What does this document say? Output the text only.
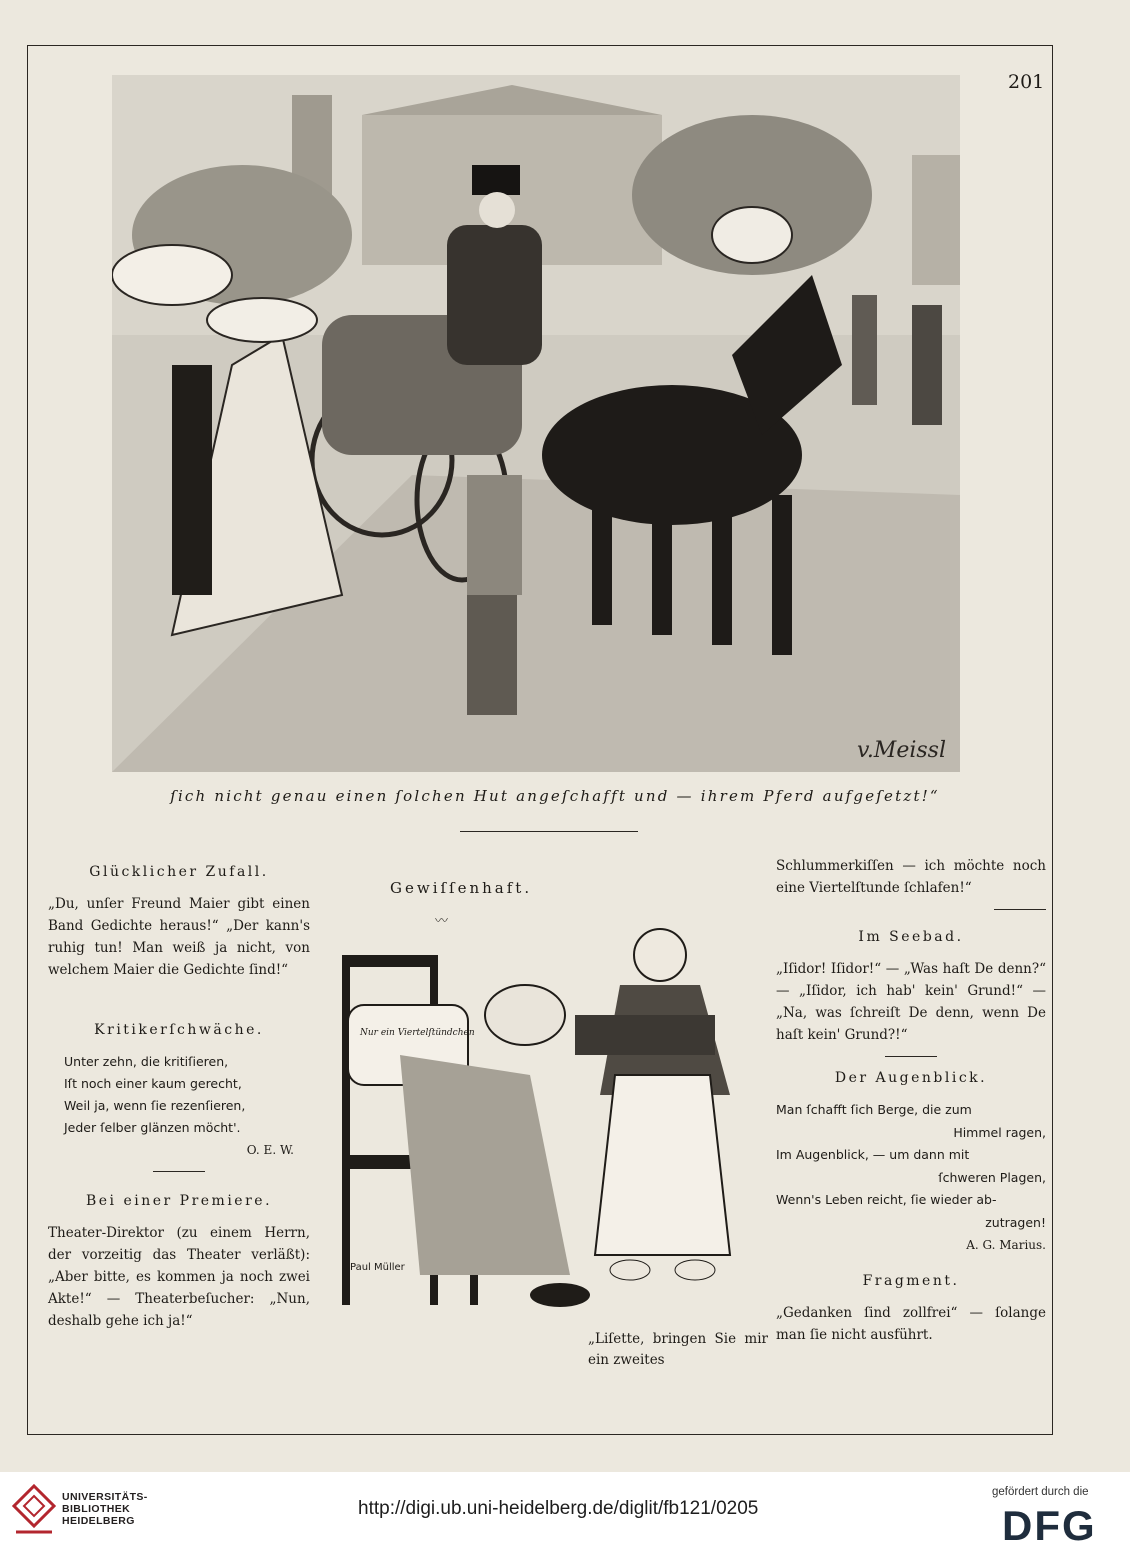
201
v.Meissl
ſich nicht genau einen ſolchen Hut angeſchafft und — ihrem Pferd aufgeſetzt!“
Glücklicher Zufall.
„Du, unſer Freund Maier gibt einen Band Gedichte heraus!“ „Der kann's ruhig tun! Man weiß ja nicht, von welchem Maier die Gedichte ſind!“
Kritikerſchwäche.

Unter zehn, die kritiſieren,

Iſt noch einer kaum gerecht,

Weil ja, wenn ſie rezenſieren,

Jeder ſelber glänzen möcht'.

O. E. W.
Bei einer Premiere.
Theater-Direktor (zu einem Herrn, der vorzeitig das Theater verläßt): „Aber bitte, es kommen ja noch zwei Akte!“ — Theaterbeſucher: „Nun, deshalb gehe ich ja!“
Gewiſſenhaft.
〰
Nur ein Viertelſtündchen
Paul Müller
„Liſette, bringen Sie mir ein zweites
Schlummerkiſſen — ich möchte noch eine Viertelſtunde ſchlafen!“
Im Seebad.
„Iſidor! Iſidor!“ — „Was haſt De denn?“ — „Iſidor, ich hab' kein' Grund!“ — „Na, was ſchreiſt De denn, wenn De haſt kein' Grund?!“
Der Augenblick.
Man ſchafft ſich Berge, die zum
Himmel ragen,
Im Augenblick, — um dann mit
ſchweren Plagen,
Wenn's Leben reicht, ſie wieder ab-
zutragen!
A. G. Marius.
Fragment.
„Gedanken ſind zollfrei“ — ſolange man ſie nicht ausführt.
UNIVERSITÄTS-
BIBLIOTHEK
HEIDELBERG
http://digi.ub.uni-heidelberg.de/diglit/fb121/0205
gefördert durch die
DFG
